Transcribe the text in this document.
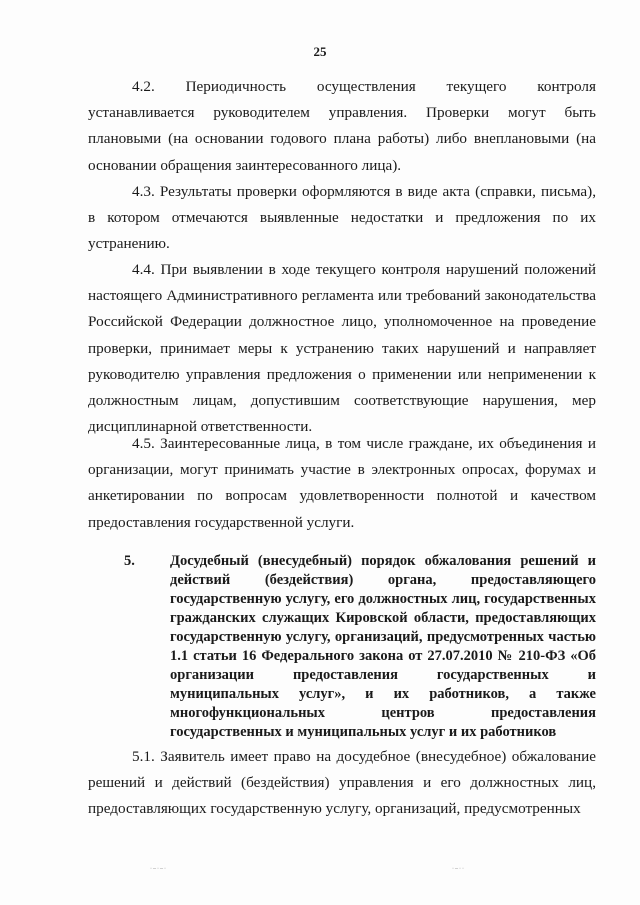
25

4.2. Периодичность осуществления текущего контроля устанавливается руководителем управления. Проверки могут быть плановыми (на основании годового плана работы) либо внеплановыми (на основании обращения заинтересованного лица).

4.3. Результаты проверки оформляются в виде акта (справки, письма), в котором отмечаются выявленные недостатки и предложения по их устранению.

4.4. При выявлении в ходе текущего контроля нарушений положений настоящего Административного регламента или требований законодательства Российской Федерации должностное лицо, уполномоченное на проведение проверки, принимает меры к устранению таких нарушений и направляет руководителю управления предложения о применении или неприменении к должностным лицам, допустившим соответствующие нарушения, мер дисциплинарной ответственности.

4.5. Заинтересованные лица, в том числе граждане, их объединения и организации, могут принимать участие в электронных опросах, форумах и анкетировании по вопросам удовлетворенности полнотой и качеством предоставления государственной услуги.

5. Досудебный (внесудебный) порядок обжалования решений и действий (бездействия) органа, предоставляющего государственную услугу, его должностных лиц, государственных гражданских служащих Кировской области, предоставляющих государственную услугу, организаций, предусмотренных частью 1.1 статьи 16 Федерального закона от 27.07.2010 № 210-ФЗ «Об организации предоставления государственных и муниципальных услуг», и их работников, а также многофункциональных центров предоставления государственных и муниципальных услуг и их работников

5.1. Заявитель имеет право на досудебное (внесудебное) обжалование решений и действий (бездействия) управления и его должностных лиц, предоставляющих государственную услугу, организаций, предусмотренных

·‒·‒·	·‒··
